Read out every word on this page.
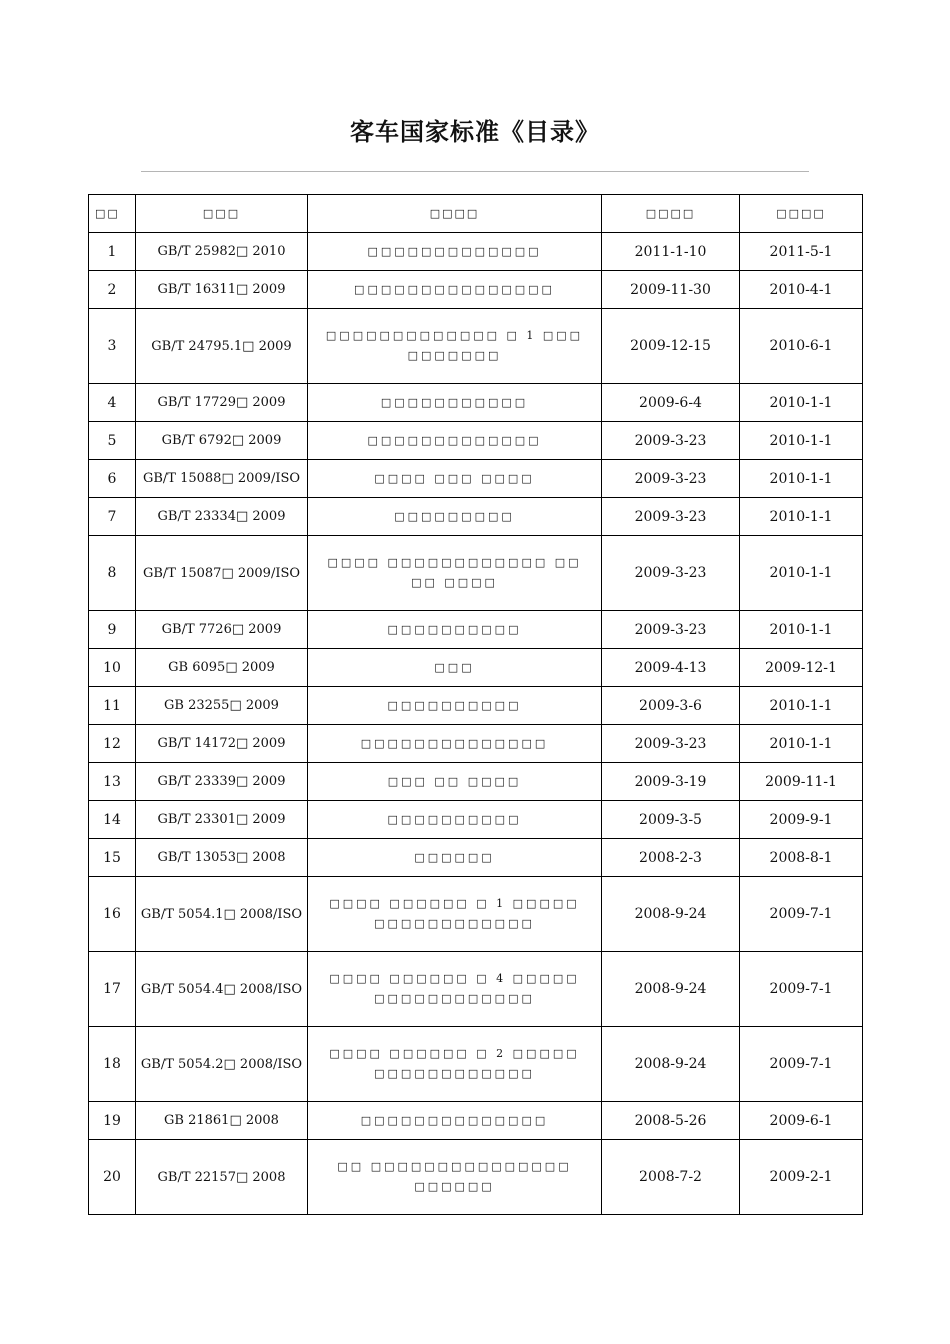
客车国家标准《目录》
□□	□□□	□□□□	□□□□	□□□□
1	GB/T 25982□ 2010	□□□□□□□□□□□□□	2011-1-10	2011-5-1
2	GB/T 16311□ 2009	□□□□□□□□□□□□□□□	2009-11-30	2010-4-1
3	GB/T 24795.1□ 2009	□□□□□□□□□□□□□ □ 1 □□□
□□□□□□□	2009-12-15	2010-6-1
4	GB/T 17729□ 2009	□□□□□□□□□□□	2009-6-4	2010-1-1
5	GB/T 6792□ 2009	□□□□□□□□□□□□□	2009-3-23	2010-1-1
6	GB/T 15088□ 2009/ISO	□□□□ □□□ □□□□	2009-3-23	2010-1-1
7	GB/T 23334□ 2009	□□□□□□□□□	2009-3-23	2010-1-1
8	GB/T 15087□ 2009/ISO	□□□□ □□□□□□□□□□□□ □□
□□ □□□□	2009-3-23	2010-1-1
9	GB/T 7726□ 2009	□□□□□□□□□□	2009-3-23	2010-1-1
10	GB 6095□ 2009	□□□	2009-4-13	2009-12-1
11	GB 23255□ 2009	□□□□□□□□□□	2009-3-6	2010-1-1
12	GB/T 14172□ 2009	□□□□□□□□□□□□□□	2009-3-23	2010-1-1
13	GB/T 23339□ 2009	□□□ □□ □□□□	2009-3-19	2009-11-1
14	GB/T 23301□ 2009	□□□□□□□□□□	2009-3-5	2009-9-1
15	GB/T 13053□ 2008	□□□□□□	2008-2-3	2008-8-1
16	GB/T 5054.1□ 2008/ISO	□□□□ □□□□□□ □ 1 □□□□□
□□□□□□□□□□□□	2008-9-24	2009-7-1
17	GB/T 5054.4□ 2008/ISO	□□□□ □□□□□□ □ 4 □□□□□
□□□□□□□□□□□□	2008-9-24	2009-7-1
18	GB/T 5054.2□ 2008/ISO	□□□□ □□□□□□ □ 2 □□□□□
□□□□□□□□□□□□	2008-9-24	2009-7-1
19	GB 21861□ 2008	□□□□□□□□□□□□□□	2008-5-26	2009-6-1
20	GB/T 22157□ 2008	□□ □□□□□□□□□□□□□□□
□□□□□□	2008-7-2	2009-2-1
